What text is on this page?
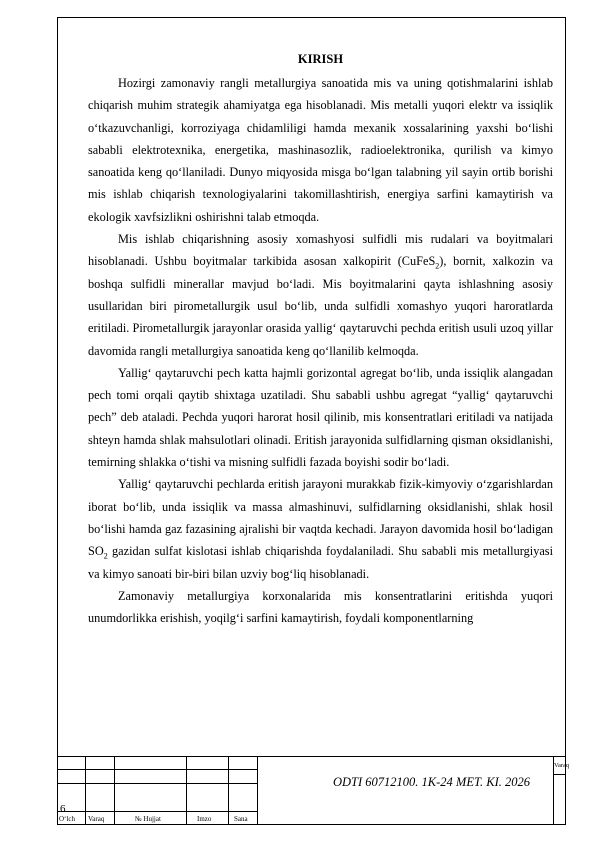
KIRISH

Hozirgi zamonaviy rangli metallurgiya sanoatida mis va uning qotishmalarini ishlab chiqarish muhim strategik ahamiyatga ega hisoblanadi. Mis metalli yuqori elektr va issiqlik o‘tkazuvchanligi, korroziyaga chidamliligi hamda mexanik xossalarining yaxshi bo‘lishi sababli elektrotexnika, energetika, mashinasozlik, radioelektronika, qurilish va kimyo sanoatida keng qo‘llaniladi. Dunyo miqyosida misga bo‘lgan talabning yil sayin ortib borishi mis ishlab chiqarish texnologiyalarini takomillashtirish, energiya sarfini kamaytirish va ekologik xavfsizlikni oshirishni talab etmoqda.

Mis ishlab chiqarishning asosiy xomashyosi sulfidli mis rudalari va boyitmalari hisoblanadi. Ushbu boyitmalar tarkibida asosan xalkopirit (CuFeS$_2$), bornit, xalkozin va boshqa sulfidli minerallar mavjud bo‘ladi. Mis boyitmalarini qayta ishlashning asosiy usullaridan biri pirometallurgik usul bo‘lib, unda sulfidli xomashyo yuqori haroratlarda eritiladi. Pirometallurgik jarayonlar orasida yallig‘ qaytaruvchi pechda eritish usuli uzoq yillar davomida rangli metallurgiya sanoatida keng qo‘llanilib kelmoqda.

Yallig‘ qaytaruvchi pech katta hajmli gorizontal agregat bo‘lib, unda issiqlik alangadan pech tomi orqali qaytib shixtaga uzatiladi. Shu sababli ushbu agregat “yallig‘ qaytaruvchi pech” deb ataladi. Pechda yuqori harorat hosil qilinib, mis konsentratlari eritiladi va natijada shteyn hamda shlak mahsulotlari olinadi. Eritish jarayonida sulfidlarning qisman oksidlanishi, temirning shlakka o‘tishi va misning sulfidli fazada boyishi sodir bo‘ladi.

Yallig‘ qaytaruvchi pechlarda eritish jarayoni murakkab fizik-kimyoviy o‘zgarishlardan iborat bo‘lib, unda issiqlik va massa almashinuvi, sulfidlarning oksidlanishi, shlak hosil bo‘lishi hamda gaz fazasining ajralishi bir vaqtda kechadi. Jarayon davomida hosil bo‘ladigan $SO_2$ gazidan sulfat kislotasi ishlab chiqarishda foydalaniladi. Shu sababli mis metallurgiyasi va kimyo sanoati bir-biri bilan uzviy bog‘liq hisoblanadi.

Zamonaviy metallurgiya korxonalarida mis konsentratlarini eritishda yuqori unumdorlikka erishish, yoqilg‘i sarfini kamaytirish, foydali komponentlarning

6
O‘lch Varaq	№ Hujjat	Imzo	Sana
ODTI 60712100. 1K-24 MET. KI. 2026
Varaq
